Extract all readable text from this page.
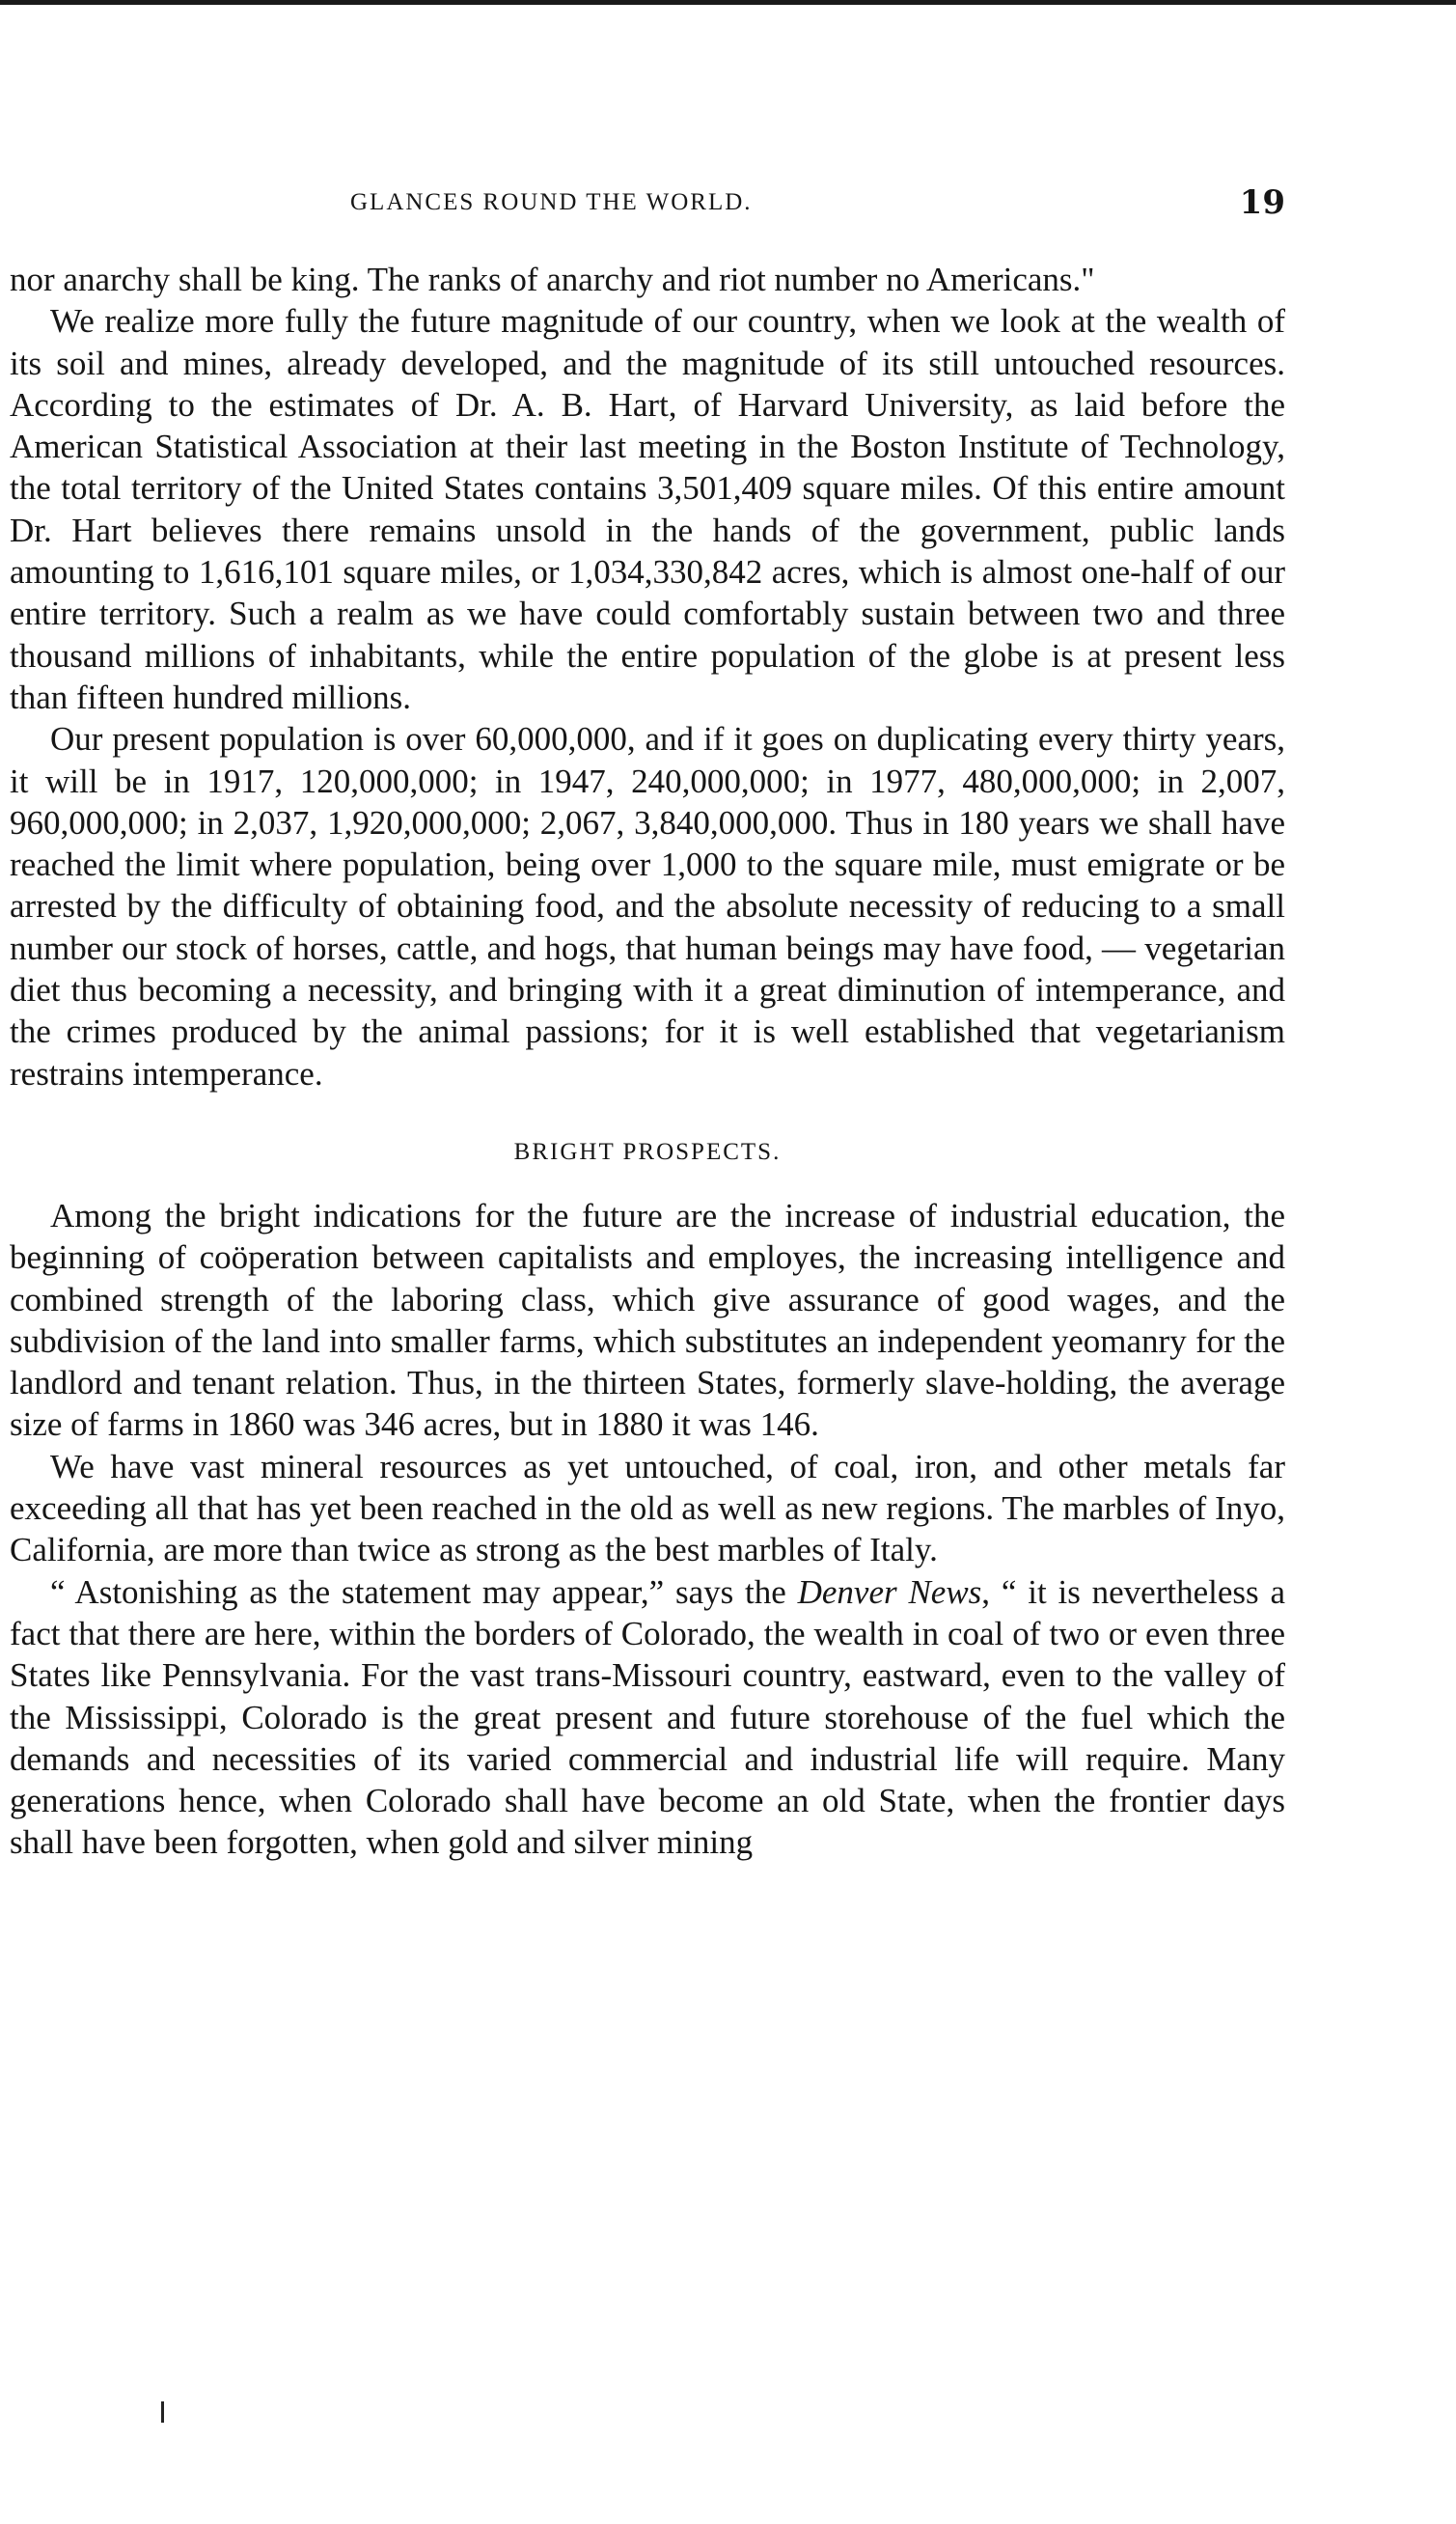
GLANCES ROUND THE WORLD.	19

nor anarchy shall be king. The ranks of anarchy and riot number no Americans."

We realize more fully the future magnitude of our country, when we look at the wealth of its soil and mines, already developed, and the magnitude of its still untouched resources. According to the estimates of Dr. A. B. Hart, of Harvard University, as laid before the American Statistical Association at their last meeting in the Boston Institute of Technology, the total territory of the United States contains 3,501,409 square miles. Of this entire amount Dr. Hart believes there remains unsold in the hands of the government, public lands amounting to 1,616,101 square miles, or 1,034,330,842 acres, which is almost one-half of our entire territory. Such a realm as we have could comfortably sustain between two and three thousand millions of inhabitants, while the entire population of the globe is at present less than fifteen hundred millions.

Our present population is over 60,000,000, and if it goes on duplicating every thirty years, it will be in 1917, 120,000,000; in 1947, 240,000,000; in 1977, 480,000,000; in 2,007, 960,000,000; in 2,037, 1,920,000,000; 2,067, 3,840,000,000. Thus in 180 years we shall have reached the limit where population, being over 1,000 to the square mile, must emigrate or be arrested by the difficulty of obtaining food, and the absolute necessity of reducing to a small number our stock of horses, cattle, and hogs, that human beings may have food, — vegetarian diet thus becoming a necessity, and bringing with it a great diminution of intemperance, and the crimes produced by the animal passions; for it is well established that vegetarianism restrains intemperance.

BRIGHT PROSPECTS.

Among the bright indications for the future are the increase of industrial education, the beginning of coöperation between capitalists and employes, the increasing intelligence and combined strength of the laboring class, which give assurance of good wages, and the subdivision of the land into smaller farms, which substitutes an independent yeomanry for the landlord and tenant relation. Thus, in the thirteen States, formerly slave-holding, the average size of farms in 1860 was 346 acres, but in 1880 it was 146.

We have vast mineral resources as yet untouched, of coal, iron, and other metals far exceeding all that has yet been reached in the old as well as new regions. The marbles of Inyo, California, are more than twice as strong as the best marbles of Italy.

“ Astonishing as the statement may appear,” says the Denver News, “ it is nevertheless a fact that there are here, within the borders of Colorado, the wealth in coal of two or even three States like Pennsylvania. For the vast trans-Missouri country, eastward, even to the valley of the Mississippi, Colorado is the great present and future storehouse of the fuel which the demands and necessities of its varied commercial and industrial life will require. Many generations hence, when Colorado shall have become an old State, when the frontier days shall have been forgotten, when gold and silver mining
